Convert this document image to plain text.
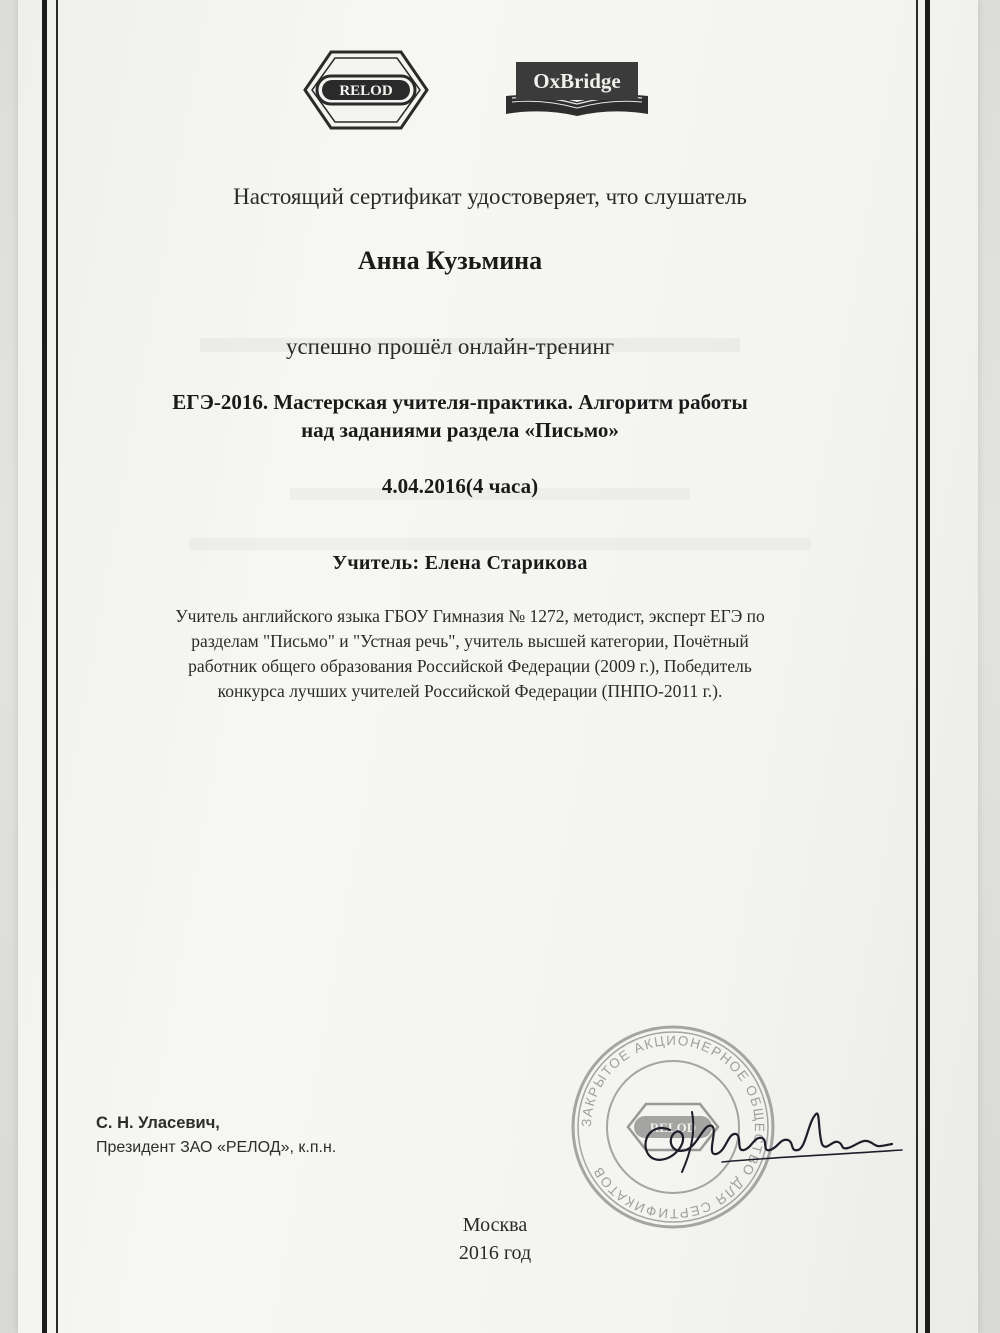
RELOD	OxBridge
Настоящий сертификат удостоверяет, что слушатель
Анна Кузьмина
успешно прошёл онлайн-тренинг
ЕГЭ-2016. Мастерская учителя-практика. Алгоритм работы
над заданиями раздела «Письмо»
4.04.2016(4 часа)
Учитель: Елена Старикова
Учитель английского языка ГБОУ Гимназия № 1272, методист, эксперт ЕГЭ по
разделам "Письмо" и "Устная речь", учитель высшей категории, Почётный
работник общего образования Российской Федерации (2009 г.), Победитель
конкурса лучших учителей Российской Федерации (ПНПО-2011 г.).
С. Н. Уласевич,
Президент ЗАО «РЕЛОД», к.п.н.
ЗАКРЫТОЕ АКЦИОНЕРНОЕ ОБЩЕСТВО ДЛЯ СЕРТИФИКАТОВ
RELOD
Москва
2016 год
